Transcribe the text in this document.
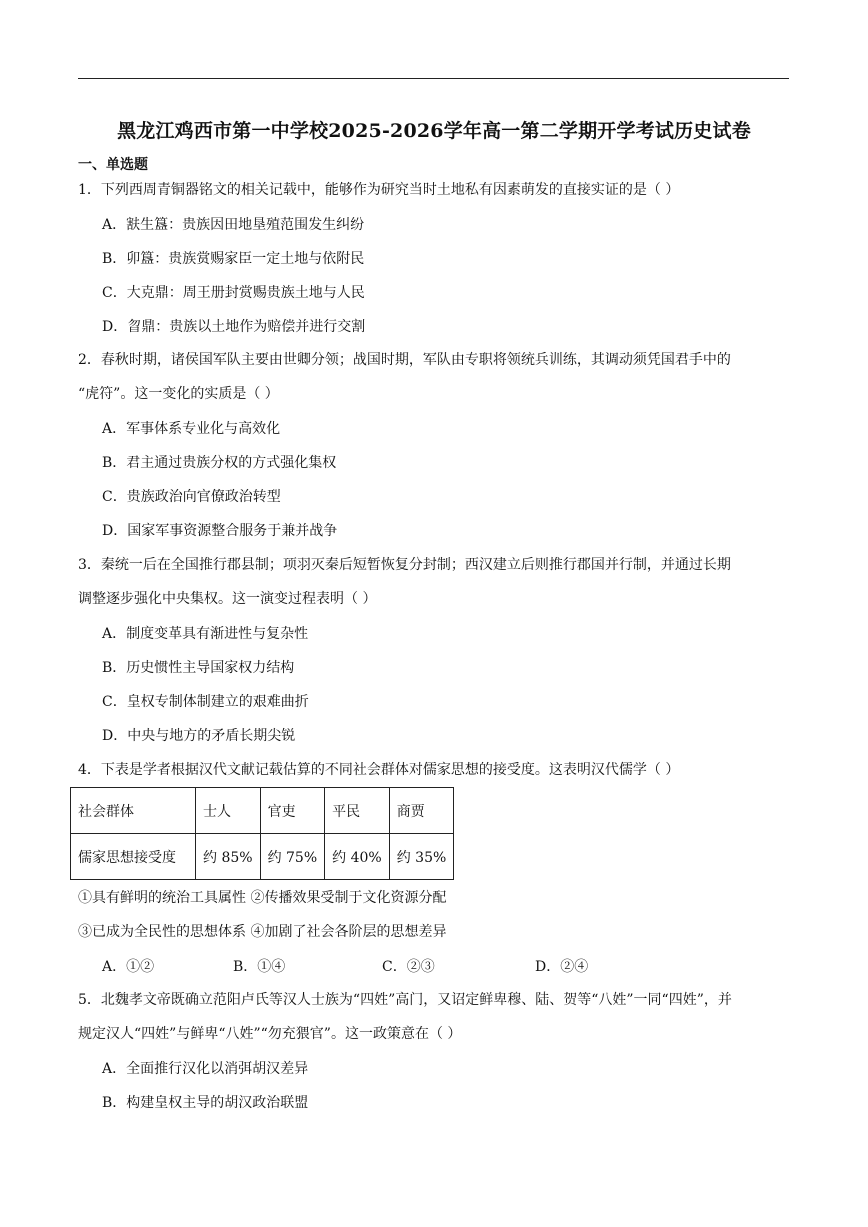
黑龙江鸡西市第一中学校2025-2026学年高一第二学期开学考试历史试卷
一、单选题
1．下列西周青铜器铭文的相关记载中，能够作为研究当时土地私有因素萌发的直接实证的是（ ）
A．㝬生簋：贵族因田地垦殖范围发生纠纷
B．卯簋：贵族赏赐家臣一定土地与依附民
C．大克鼎：周王册封赏赐贵族土地与人民
D．曶鼎：贵族以土地作为赔偿并进行交割
2．春秋时期，诸侯国军队主要由世卿分领；战国时期，军队由专职将领统兵训练，其调动须凭国君手中的
“虎符”。这一变化的实质是（ ）
A．军事体系专业化与高效化
B．君主通过贵族分权的方式强化集权
C．贵族政治向官僚政治转型
D．国家军事资源整合服务于兼并战争
3．秦统一后在全国推行郡县制；项羽灭秦后短暂恢复分封制；西汉建立后则推行郡国并行制，并通过长期
调整逐步强化中央集权。这一演变过程表明（ ）
A．制度变革具有渐进性与复杂性
B．历史惯性主导国家权力结构
C．皇权专制体制建立的艰难曲折
D．中央与地方的矛盾长期尖锐
4．下表是学者根据汉代文献记载估算的不同社会群体对儒家思想的接受度。这表明汉代儒学（ ）
社会群体	士人	官吏	平民	商贾
儒家思想接受度	约 85%	约 75%	约 40%	约 35%
①具有鲜明的统治工具属性 ②传播效果受制于文化资源分配
③已成为全民性的思想体系 ④加剧了社会各阶层的思想差异
A．①②	B．①④	C．②③	D．②④
5．北魏孝文帝既确立范阳卢氏等汉人士族为“四姓”高门，又诏定鲜卑穆、陆、贺等“八姓”一同“四姓”，并
规定汉人“四姓”与鲜卑“八姓”“勿充猥官”。这一政策意在（ ）
A．全面推行汉化以消弭胡汉差异
B．构建皇权主导的胡汉政治联盟
